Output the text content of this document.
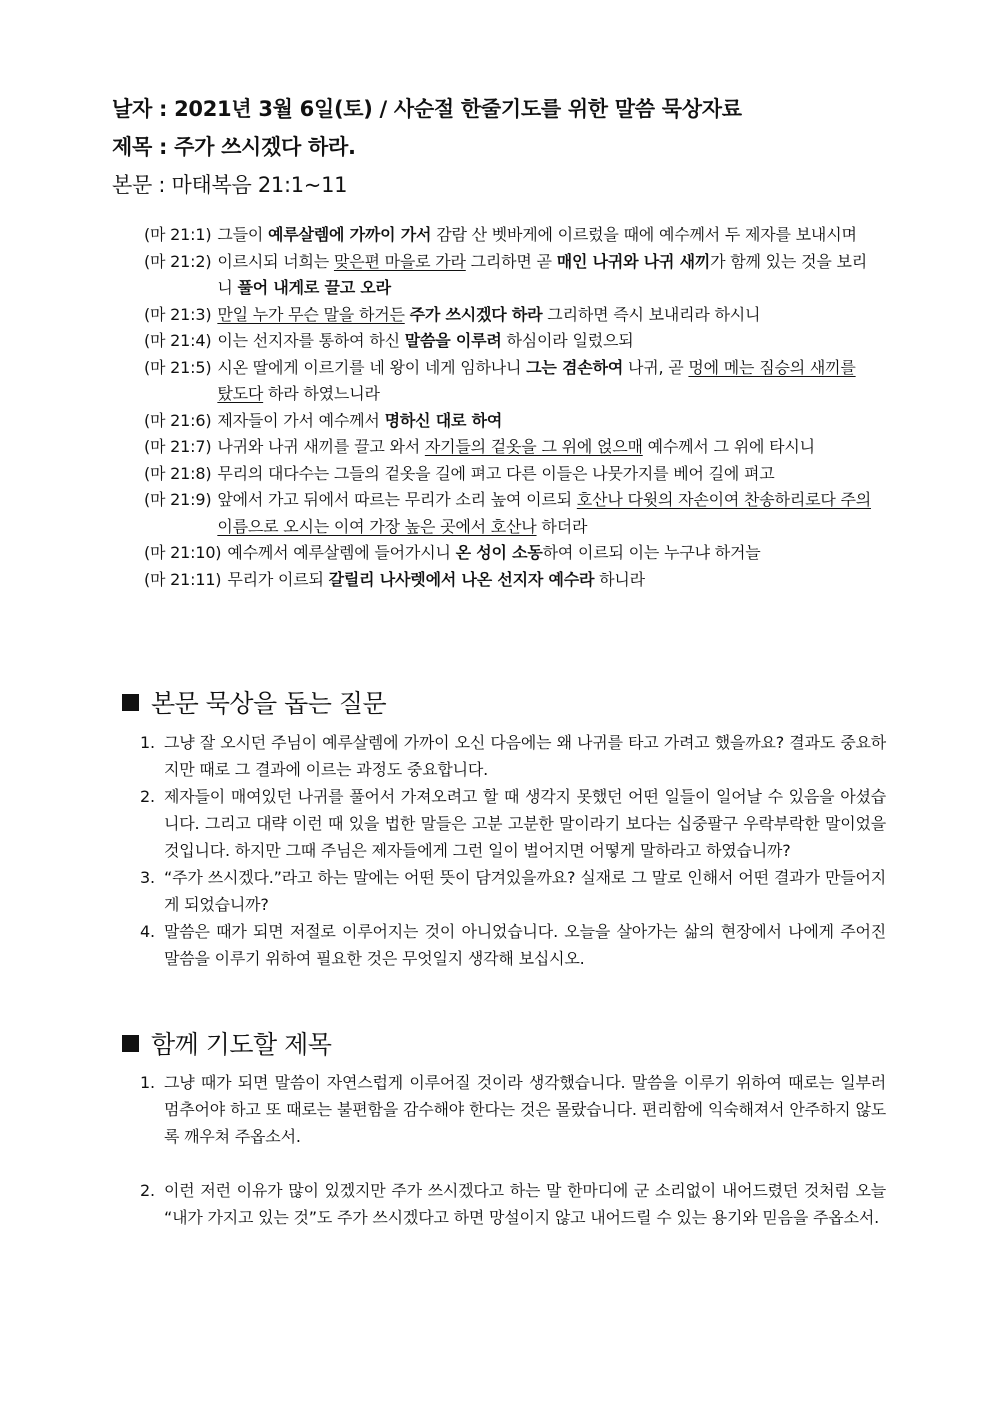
날자 : 2021년 3월 6일(토) / 사순절 한줄기도를 위한 말씀 묵상자료
제목 : 주가 쓰시겠다 하라.
본문 : 마태복음 21:1~11
(마 21:1) 그들이 예루살렘에 가까이 가서 감람 산 벳바게에 이르렀을 때에 예수께서 두 제자를 보내시며
(마 21:2) 이르시되 너희는 맞은편 마을로 가라 그리하면 곧 매인 나귀와 나귀 새끼가 함께 있는 것을 보리니 풀어 내게로 끌고 오라
(마 21:3) 만일 누가 무슨 말을 하거든 주가 쓰시겠다 하라 그리하면 즉시 보내리라 하시니
(마 21:4) 이는 선지자를 통하여 하신 말씀을 이루려 하심이라 일렀으되
(마 21:5) 시온 딸에게 이르기를 네 왕이 네게 임하나니 그는 겸손하여 나귀, 곧 멍에 메는 짐승의 새끼를 탔도다 하라 하였느니라
(마 21:6) 제자들이 가서 예수께서 명하신 대로 하여
(마 21:7) 나귀와 나귀 새끼를 끌고 와서 자기들의 겉옷을 그 위에 얹으매 예수께서 그 위에 타시니
(마 21:8) 무리의 대다수는 그들의 겉옷을 길에 펴고 다른 이들은 나뭇가지를 베어 길에 펴고
(마 21:9) 앞에서 가고 뒤에서 따르는 무리가 소리 높여 이르되 호산나 다윗의 자손이여 찬송하리로다 주의 이름으로 오시는 이여 가장 높은 곳에서 호산나 하더라
(마 21:10) 예수께서 예루살렘에 들어가시니 온 성이 소동하여 이르되 이는 누구냐 하거늘
(마 21:11) 무리가 이르되 갈릴리 나사렛에서 나온 선지자 예수라 하니라
본문 묵상을 돕는 질문
1. 그냥 잘 오시던 주님이 예루살렘에 가까이 오신 다음에는 왜 나귀를 타고 가려고 했을까요? 결과도 중요하지만 때로 그 결과에 이르는 과정도 중요합니다.
2. 제자들이 매여있던 나귀를 풀어서 가져오려고 할 때 생각지 못했던 어떤 일들이 일어날 수 있음을 아셨습니다. 그리고 대략 이런 때 있을 법한 말들은 고분 고분한 말이라기 보다는 십중팔구 우락부락한 말이었을 것입니다. 하지만 그때 주님은 제자들에게 그런 일이 벌어지면 어떻게 말하라고 하였습니까?
3. “주가 쓰시겠다.”라고 하는 말에는 어떤 뜻이 담겨있을까요? 실재로 그 말로 인해서 어떤 결과가 만들어지게 되었습니까?
4. 말씀은 때가 되면 저절로 이루어지는 것이 아니었습니다. 오늘을 살아가는 삶의 현장에서 나에게 주어진 말씀을 이루기 위하여 필요한 것은 무엇일지 생각해 보십시오.
함께 기도할 제목
1. 그냥 때가 되면 말씀이 자연스럽게 이루어질 것이라 생각했습니다. 말씀을 이루기 위하여 때로는 일부러 멈추어야 하고 또 때로는 불편함을 감수해야 한다는 것은 몰랐습니다. 편리함에 익숙해져서 안주하지 않도록 깨우쳐 주옵소서.
2. 이런 저런 이유가 많이 있겠지만 주가 쓰시겠다고 하는 말 한마디에 군 소리없이 내어드렸던 것처럼 오늘 “내가 가지고 있는 것”도 주가 쓰시겠다고 하면 망설이지 않고 내어드릴 수 있는 용기와 믿음을 주옵소서.
